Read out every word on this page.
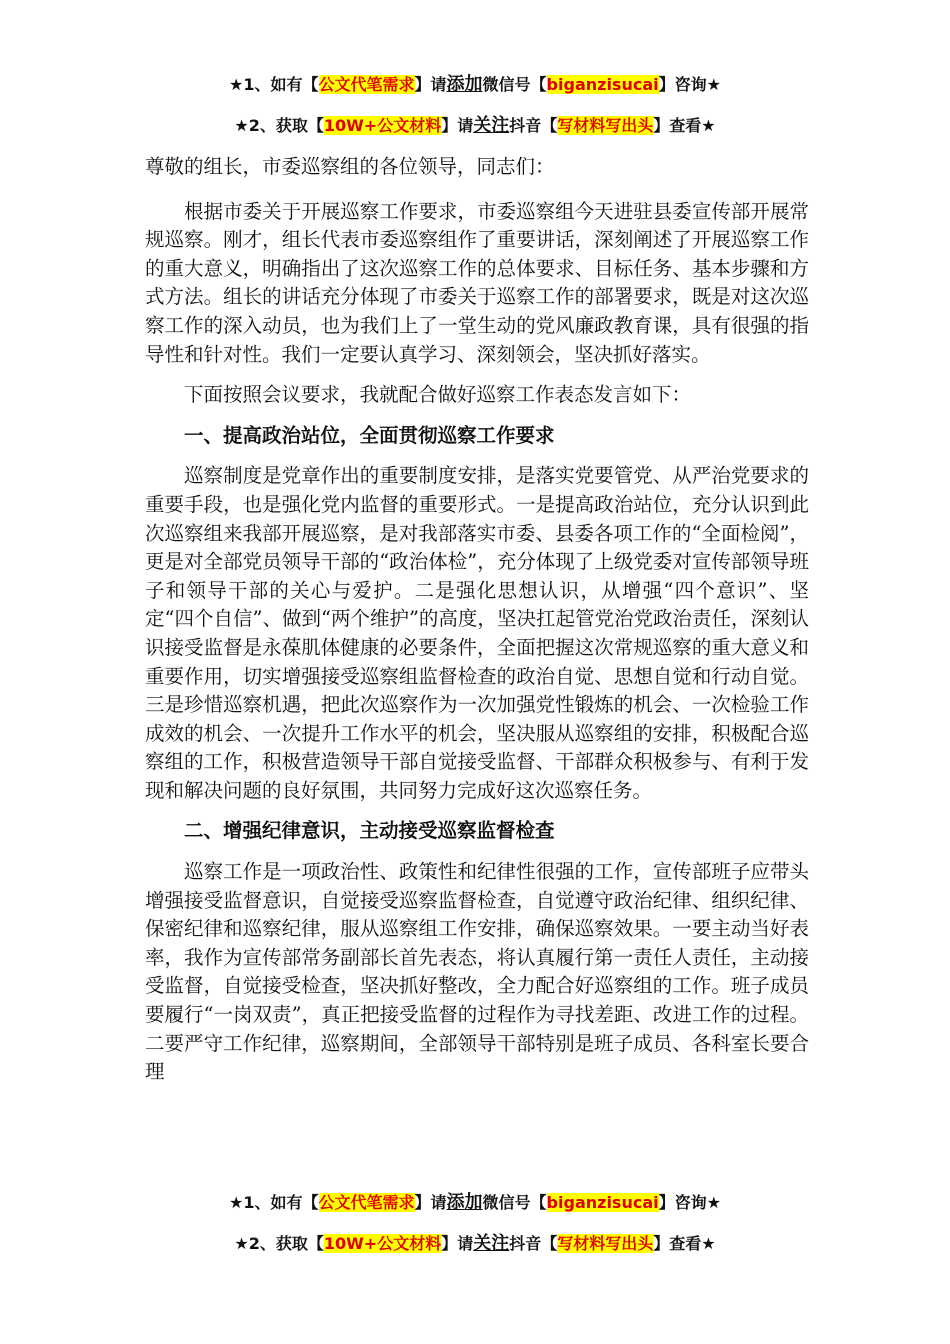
★1、如有【公文代笔需求】请添加微信号【biganzisucai】咨询★
★2、获取【10W+公文材料】请关注抖音【写材料写出头】查看★

尊敬的组长，市委巡察组的各位领导，同志们：

根据市委关于开展巡察工作要求，市委巡察组今天进驻县委宣传部开展常规巡察。刚才，组长代表市委巡察组作了重要讲话，深刻阐述了开展巡察工作的重大意义，明确指出了这次巡察工作的总体要求、目标任务、基本步骤和方式方法。组长的讲话充分体现了市委关于巡察工作的部署要求，既是对这次巡察工作的深入动员，也为我们上了一堂生动的党风廉政教育课，具有很强的指导性和针对性。我们一定要认真学习、深刻领会，坚决抓好落实。

下面按照会议要求，我就配合做好巡察工作表态发言如下：

一、提高政治站位，全面贯彻巡察工作要求

巡察制度是党章作出的重要制度安排，是落实党要管党、从严治党要求的重要手段，也是强化党内监督的重要形式。一是提高政治站位，充分认识到此次巡察组来我部开展巡察，是对我部落实市委、县委各项工作的“全面检阅”，更是对全部党员领导干部的“政治体检”，充分体现了上级党委对宣传部领导班子和领导干部的关心与爱护。二是强化思想认识，从增强“四个意识”、坚定“四个自信”、做到“两个维护”的高度，坚决扛起管党治党政治责任，深刻认识接受监督是永葆肌体健康的必要条件，全面把握这次常规巡察的重大意义和重要作用，切实增强接受巡察组监督检查的政治自觉、思想自觉和行动自觉。三是珍惜巡察机遇，把此次巡察作为一次加强党性锻炼的机会、一次检验工作成效的机会、一次提升工作水平的机会，坚决服从巡察组的安排，积极配合巡察组的工作，积极营造领导干部自觉接受监督、干部群众积极参与、有利于发现和解决问题的良好氛围，共同努力完成好这次巡察任务。

二、增强纪律意识，主动接受巡察监督检查

巡察工作是一项政治性、政策性和纪律性很强的工作，宣传部班子应带头增强接受监督意识，自觉接受巡察监督检查，自觉遵守政治纪律、组织纪律、保密纪律和巡察纪律，服从巡察组工作安排，确保巡察效果。一要主动当好表率，我作为宣传部常务副部长首先表态，将认真履行第一责任人责任，主动接受监督，自觉接受检查，坚决抓好整改，全力配合好巡察组的工作。班子成员要履行“一岗双责”，真正把接受监督的过程作为寻找差距、改进工作的过程。二要严守工作纪律，巡察期间，全部领导干部特别是班子成员、各科室长要合理

★1、如有【公文代笔需求】请添加微信号【biganzisucai】咨询★
★2、获取【10W+公文材料】请关注抖音【写材料写出头】查看★
